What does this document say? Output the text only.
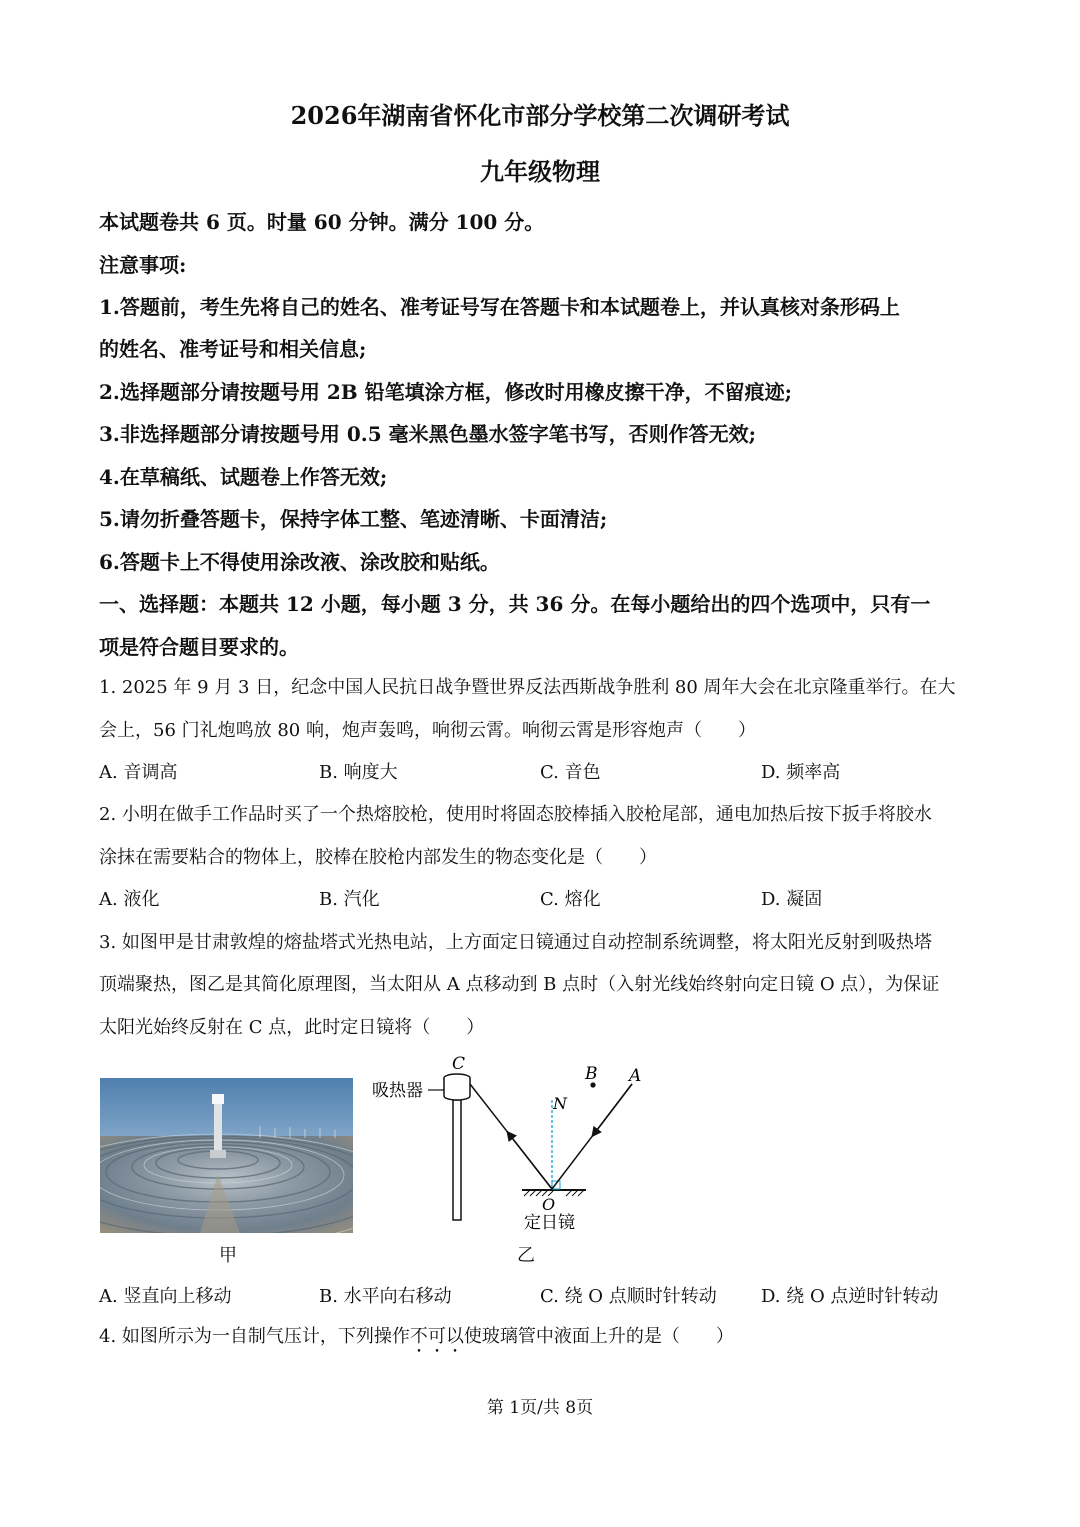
2026年湖南省怀化市部分学校第二次调研考试
九年级物理
本试题卷共 6 页。时量 60 分钟。满分 100 分。
注意事项:
1.答题前，考生先将自己的姓名、准考证号写在答题卡和本试题卷上，并认真核对条形码上
的姓名、准考证号和相关信息;
2.选择题部分请按题号用 2B 铅笔填涂方框，修改时用橡皮擦干净，不留痕迹;
3.非选择题部分请按题号用 0.5 毫米黑色墨水签字笔书写，否则作答无效;
4.在草稿纸、试题卷上作答无效;
5.请勿折叠答题卡，保持字体工整、笔迹清晰、卡面清洁;
6.答题卡上不得使用涂改液、涂改胶和贴纸。
一、选择题：本题共 12 小题，每小题 3 分，共 36 分。在每小题给出的四个选项中，只有一
项是符合题目要求的。
1. 2025 年 9 月 3 日，纪念中国人民抗日战争暨世界反法西斯战争胜利 80 周年大会在北京隆重举行。在大
会上，56 门礼炮鸣放 80 响，炮声轰鸣，响彻云霄。响彻云霄是形容炮声（　　）
A. 音调高	B. 响度大	C. 音色	D. 频率高
2. 小明在做手工作品时买了一个热熔胶枪，使用时将固态胶棒插入胶枪尾部，通电加热后按下扳手将胶水
涂抹在需要粘合的物体上，胶棒在胶枪内部发生的物态变化是（　　）
A. 液化	B. 汽化	C. 熔化	D. 凝固
3. 如图甲是甘肃敦煌的熔盐塔式光热电站，上方面定日镜通过自动控制系统调整，将太阳光反射到吸热塔
顶端聚热，图乙是其简化原理图，当太阳从 A 点移动到 B 点时（入射光线始终射向定日镜 O 点），为保证
太阳光始终反射在 C 点，此时定日镜将（　　）
C
吸热器
N
B A
O
定日镜
甲	乙
A. 竖直向上移动	B. 水平向右移动	C. 绕 O 点顺时针转动 D. 绕 O 点逆时针转动
4. 如图所示为一自制气压计，下列操作不可以使玻璃管中液面上升的是（　　）
第 1页/共 8页
